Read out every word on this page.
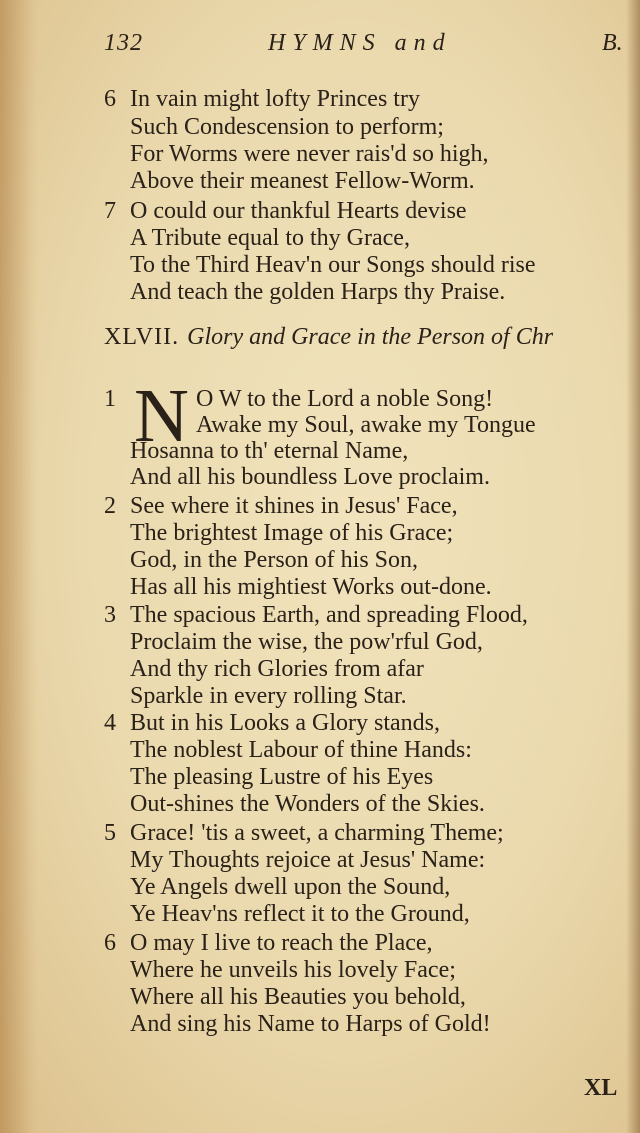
132	HYMNS and	B.
6 In vain might lofty Princes try
Such Condescension to perform;
For Worms were never rais'd so high,
Above their meanest Fellow-Worm.
7 O could our thankful Hearts devise
A Tribute equal to thy Grace,
To the Third Heav'n our Songs should rise
And teach the golden Harps thy Praise.
XLVII. Glory and Grace in the Person of Chr
1 N O W to the Lord a noble Song!
Awake my Soul, awake my Tongue
Hosanna to th' eternal Name,
And all his boundless Love proclaim.
2 See where it shines in Jesus' Face,
The brightest Image of his Grace;
God, in the Person of his Son,
Has all his mightiest Works out-done.
3 The spacious Earth, and spreading Flood,
Proclaim the wise, the pow'rful God,
And thy rich Glories from afar
Sparkle in every rolling Star.
4 But in his Looks a Glory stands,
The noblest Labour of thine Hands:
The pleasing Lustre of his Eyes
Out-shines the Wonders of the Skies.
5 Grace! 'tis a sweet, a charming Theme;
My Thoughts rejoice at Jesus' Name:
Ye Angels dwell upon the Sound,
Ye Heav'ns reflect it to the Ground,
6 O may I live to reach the Place,
Where he unveils his lovely Face;
Where all his Beauties you behold,
And sing his Name to Harps of Gold!
XL
